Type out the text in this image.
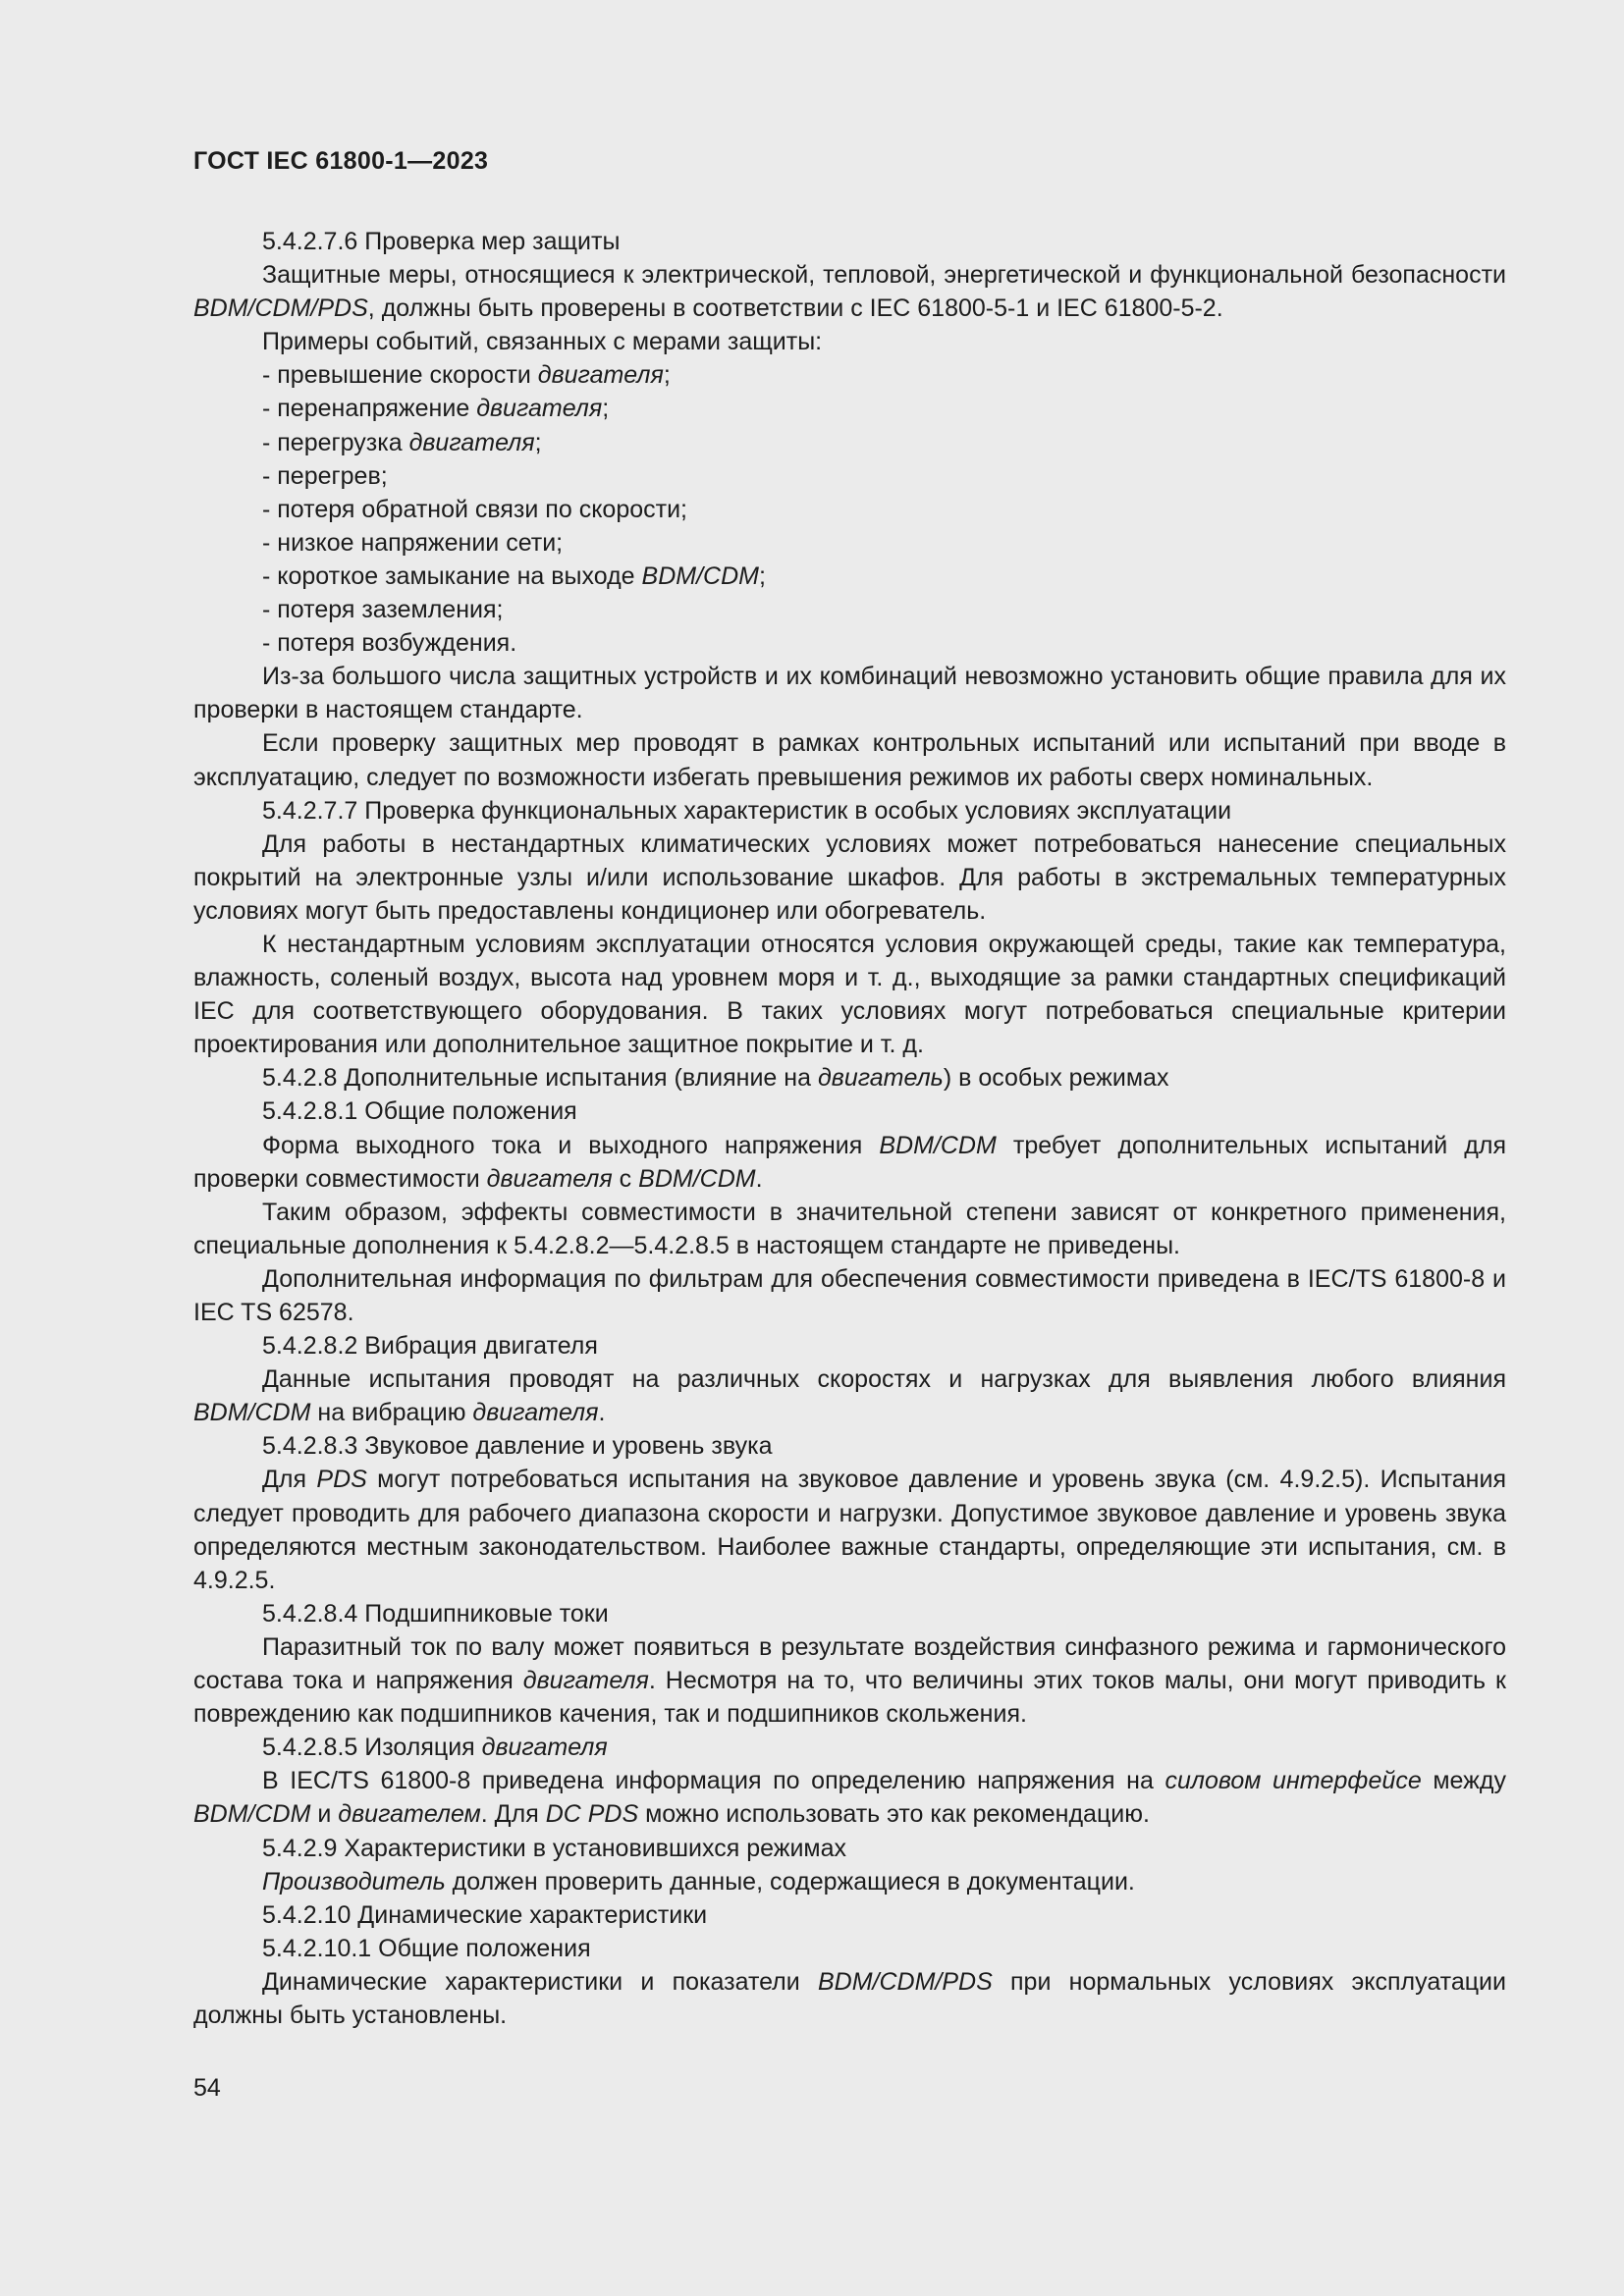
ГОСТ IEC 61800-1—2023
5.4.2.7.6 Проверка мер защиты
Защитные меры, относящиеся к электрической, тепловой, энергетической и функциональной безопасности BDM/CDM/PDS, должны быть проверены в соответствии с IEC 61800-5-1 и IEC 61800-5-2.
Примеры событий, связанных с мерами защиты:
- превышение скорости двигателя;
- перенапряжение двигателя;
- перегрузка двигателя;
- перегрев;
- потеря обратной связи по скорости;
- низкое напряжении сети;
- короткое замыкание на выходе BDM/CDM;
- потеря заземления;
- потеря возбуждения.
Из-за большого числа защитных устройств и их комбинаций невозможно установить общие правила для их проверки в настоящем стандарте.
Если проверку защитных мер проводят в рамках контрольных испытаний или испытаний при вводе в эксплуатацию, следует по возможности избегать превышения режимов их работы сверх номинальных.
5.4.2.7.7 Проверка функциональных характеристик в особых условиях эксплуатации
Для работы в нестандартных климатических условиях может потребоваться нанесение специальных покрытий на электронные узлы и/или использование шкафов. Для работы в экстремальных температурных условиях могут быть предоставлены кондиционер или обогреватель.
К нестандартным условиям эксплуатации относятся условия окружающей среды, такие как температура, влажность, соленый воздух, высота над уровнем моря и т. д., выходящие за рамки стандартных спецификаций IEC для соответствующего оборудования. В таких условиях могут потребоваться специальные критерии проектирования или дополнительное защитное покрытие и т. д.
5.4.2.8 Дополнительные испытания (влияние на двигатель) в особых режимах
5.4.2.8.1 Общие положения
Форма выходного тока и выходного напряжения BDM/CDM требует дополнительных испытаний для проверки совместимости двигателя с BDM/CDM.
Таким образом, эффекты совместимости в значительной степени зависят от конкретного применения, специальные дополнения к 5.4.2.8.2—5.4.2.8.5 в настоящем стандарте не приведены.
Дополнительная информация по фильтрам для обеспечения совместимости приведена в IEC/TS 61800-8 и IEC TS 62578.
5.4.2.8.2 Вибрация двигателя
Данные испытания проводят на различных скоростях и нагрузках для выявления любого влияния BDM/CDM на вибрацию двигателя.
5.4.2.8.3 Звуковое давление и уровень звука
Для PDS могут потребоваться испытания на звуковое давление и уровень звука (см. 4.9.2.5). Испытания следует проводить для рабочего диапазона скорости и нагрузки. Допустимое звуковое давление и уровень звука определяются местным законодательством. Наиболее важные стандарты, определяющие эти испытания, см. в 4.9.2.5.
5.4.2.8.4 Подшипниковые токи
Паразитный ток по валу может появиться в результате воздействия синфазного режима и гармонического состава тока и напряжения двигателя. Несмотря на то, что величины этих токов малы, они могут приводить к повреждению как подшипников качения, так и подшипников скольжения.
5.4.2.8.5 Изоляция двигателя
В IEC/TS 61800-8 приведена информация по определению напряжения на силовом интерфейсе между BDM/CDM и двигателем. Для DC PDS можно использовать это как рекомендацию.
5.4.2.9 Характеристики в установившихся режимах
Производитель должен проверить данные, содержащиеся в документации.
5.4.2.10 Динамические характеристики
5.4.2.10.1 Общие положения
Динамические характеристики и показатели BDM/CDM/PDS при нормальных условиях эксплуатации должны быть установлены.
54
